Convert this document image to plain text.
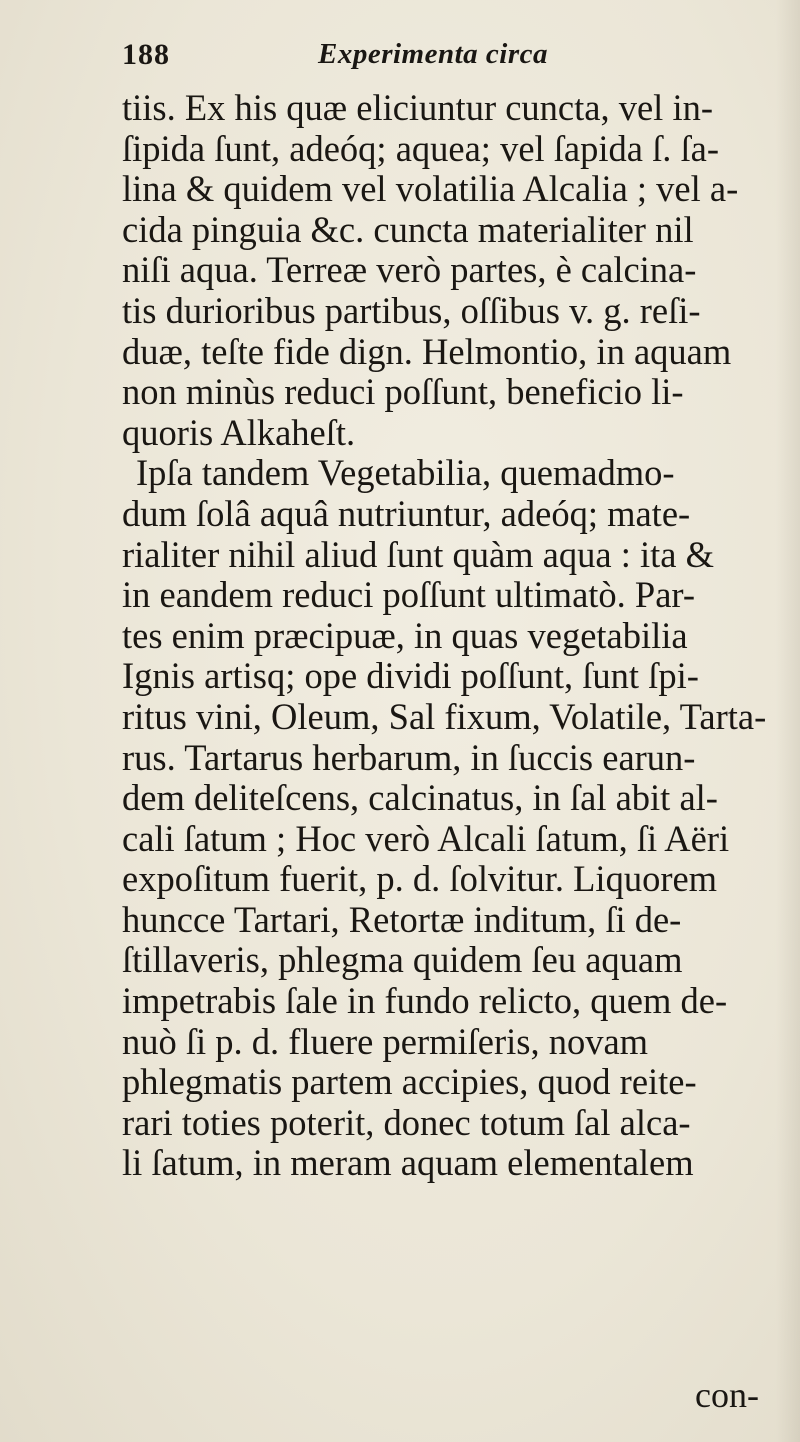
188	Experimenta circa
tiis. Ex his quæ eliciuntur cuncta, vel in-
ſipida ſunt, adeóq; aquea; vel ſapida ſ. ſa-
lina & quidem vel volatilia Alcalia ; vel a-
cida pinguia &c. cuncta materialiter nil
niſi aqua. Terreæ verò partes, è calcina-
tis durioribus partibus, oſſibus v. g. reſi-
duæ, teſte fide dign. Helmontio, in aquam
non minùs reduci poſſunt, beneficio li-
quoris Alkaheſt.
Ipſa tandem Vegetabilia, quemadmo-
dum ſolâ aquâ nutriuntur, adeóq; mate-
rialiter nihil aliud ſunt quàm aqua : ita &
in eandem reduci poſſunt ultimatò. Par-
tes enim præcipuæ, in quas vegetabilia
Ignis artisq; ope dividi poſſunt, ſunt ſpi-
ritus vini, Oleum, Sal fixum, Volatile, Tarta-
rus. Tartarus herbarum, in ſuccis earun-
dem deliteſcens, calcinatus, in ſal abit al-
cali ſatum ; Hoc verò Alcali ſatum, ſi Aëri
expoſitum fuerit, p. d. ſolvitur. Liquorem
huncce Tartari, Retortæ inditum, ſi de-
ſtillaveris, phlegma quidem ſeu aquam
impetrabis ſale in fundo relicto, quem de-
nuò ſi p. d. fluere permiſeris, novam
phlegmatis partem accipies, quod reite-
rari toties poterit, donec totum ſal alca-
li ſatum, in meram aquam elementalem
con-
